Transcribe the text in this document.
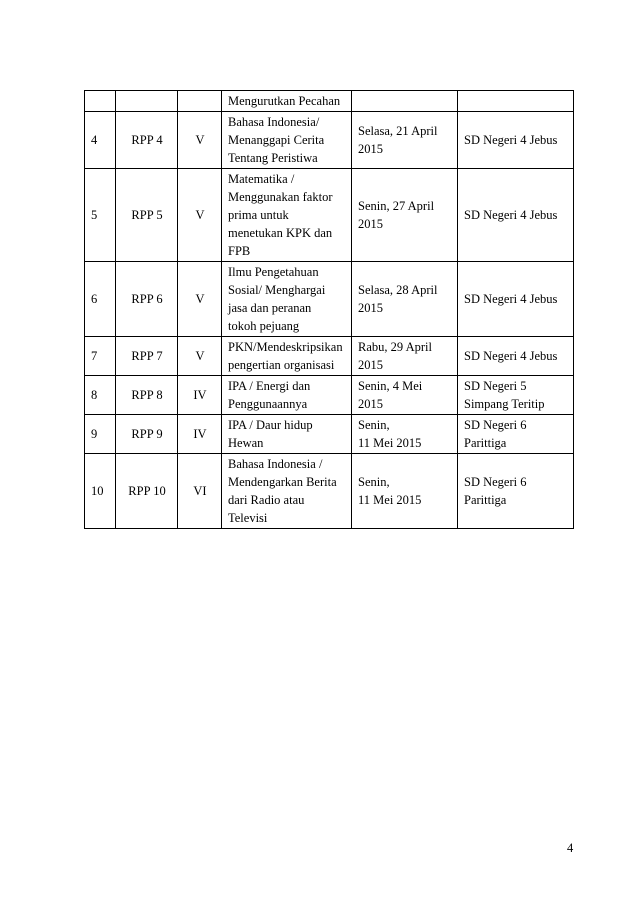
			Mengurutkan Pecahan		

4	RPP 4	V	Bahasa Indonesia/
Menanggapi Cerita
Tentang Peristiwa	Selasa, 21 April
2015	SD Negeri 4 Jebus

5	RPP 5	V	Matematika /
Menggunakan faktor
prima untuk
menetukan KPK dan
FPB	Senin, 27 April
2015	SD Negeri 4 Jebus

6	RPP 6	V	Ilmu Pengetahuan
Sosial/ Menghargai
jasa dan peranan
tokoh pejuang	Selasa, 28 April
2015	SD Negeri 4 Jebus

7	RPP 7	V	PKN/Mendeskripsikan
pengertian organisasi	Rabu, 29 April
2015	SD Negeri 4 Jebus

8	RPP 8	IV	IPA / Energi dan
Penggunaannya	Senin, 4 Mei
2015	SD Negeri 5
Simpang Teritip

9	RPP 9	IV	IPA / Daur hidup
Hewan	Senin,
11 Mei 2015	SD Negeri 6
Parittiga

10	RPP 10	VI	Bahasa Indonesia /
Mendengarkan Berita
dari Radio atau
Televisi	Senin,
11 Mei 2015	SD Negeri 6
Parittiga
4
